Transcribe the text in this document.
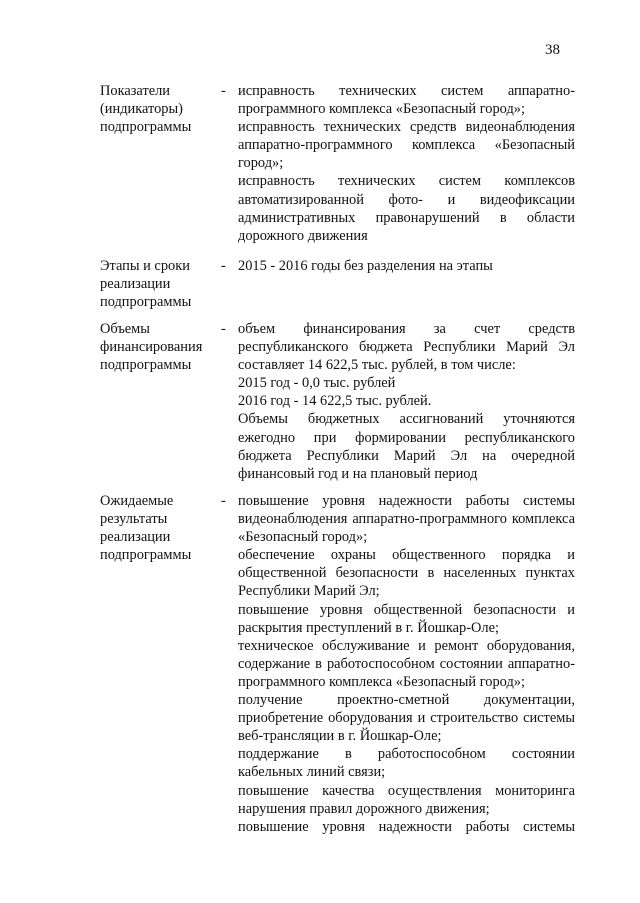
38
Показатели
(индикаторы)
подпрограммы
- исправность технических систем аппаратно-программного комплекса «Безопасный город»;
исправность технических средств видеонаблюдения аппаратно-программного комплекса «Безопасный город»;
исправность технических систем комплексов автоматизированной фото- и видеофиксации административных правонарушений в области дорожного движения
Этапы и сроки
реализации
подпрограммы
- 2015 - 2016 годы без разделения на этапы
Объемы
финансирования
подпрограммы
- объем финансирования за счет средств республиканского бюджета Республики Марий Эл составляет 14 622,5 тыс. рублей, в том числе:
2015 год - 0,0 тыс. рублей
2016 год - 14 622,5 тыс. рублей.
Объемы бюджетных ассигнований уточняются ежегодно при формировании республиканского бюджета Республики Марий Эл на очередной финансовый год и на плановый период
Ожидаемые
результаты
реализации
подпрограммы
- повышение уровня надежности работы системы видеонаблюдения аппаратно-программного комплекса «Безопасный город»;
обеспечение охраны общественного порядка и общественной безопасности в населенных пунктах Республики Марий Эл;
повышение уровня общественной безопасности и раскрытия преступлений в г. Йошкар-Оле;
техническое обслуживание и ремонт оборудования, содержание в работоспособном состоянии аппаратно-программного комплекса «Безопасный город»;
получение проектно-сметной документации, приобретение оборудования и строительство системы веб-трансляции в г. Йошкар-Оле;
поддержание в работоспособном состоянии кабельных линий связи;
повышение качества осуществления мониторинга нарушения правил дорожного движения;
повышение уровня надежности работы системы
